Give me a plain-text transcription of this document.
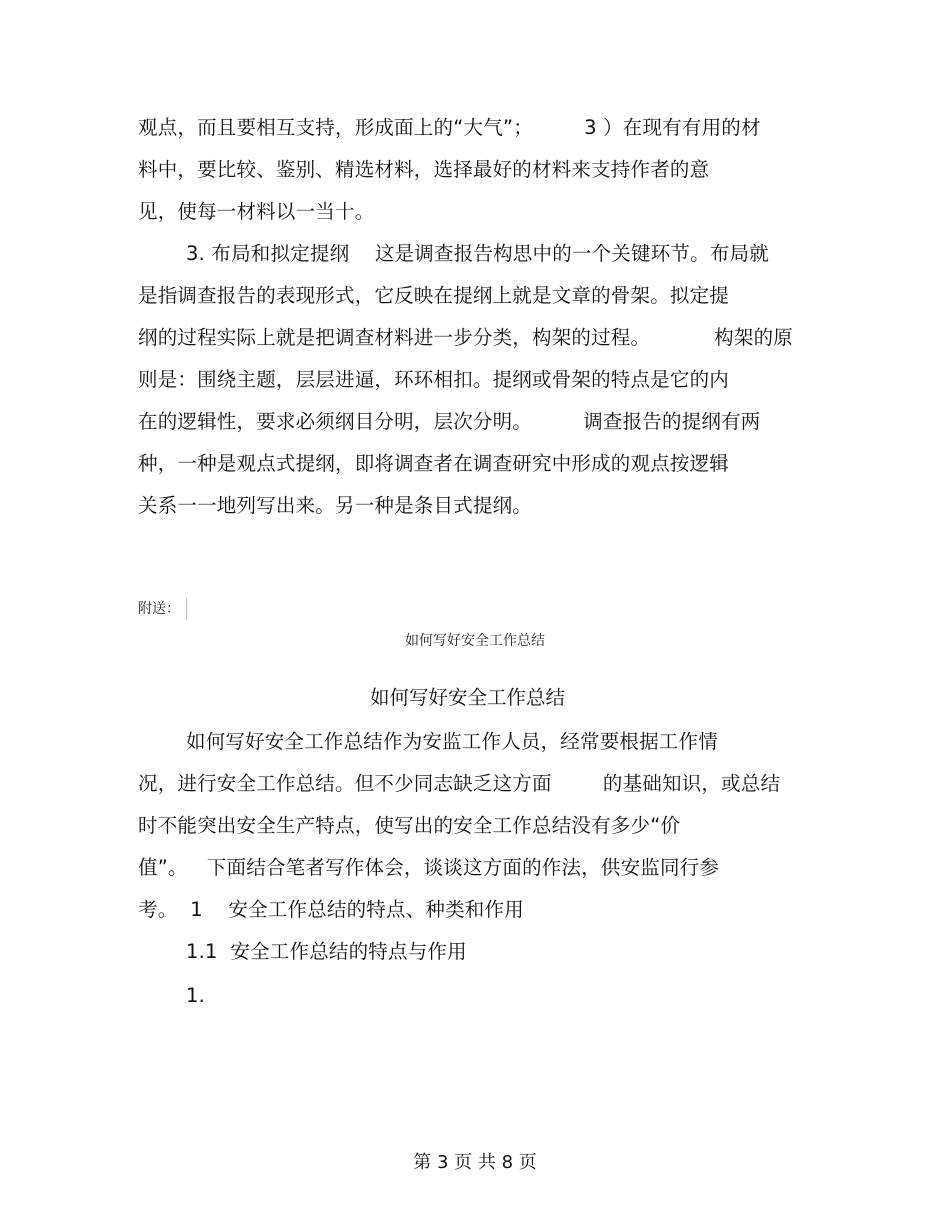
观点，而且要相互支持，形成面上的“大气”；        3 ）在现有有用的材
料中，要比较、鉴别、精选材料，选择最好的材料来支持作者的意
见，使每一材料以一当十。
3. 布局和拟定提纲    这是调查报告构思中的一个关键环节。布局就
是指调查报告的表现形式，它反映在提纲上就是文章的骨架。拟定提
纲的过程实际上就是把调查材料进一步分类，构架的过程。          构架的原
则是：围绕主题，层层进逼，环环相扣。提纲或骨架的特点是它的内
在的逻辑性，要求必须纲目分明，层次分明。        调查报告的提纲有两
种，一种是观点式提纲，即将调查者在调查研究中形成的观点按逻辑
关系一一地列写出来。另一种是条目式提纲。
附送：
如何写好安全工作总结
如何写好安全工作总结
如何写好安全工作总结作为安监工作人员，经常要根据工作情
况，进行安全工作总结。但不少同志缺乏这方面        的基础知识，或总结
时不能突出安全生产特点，使写出的安全工作总结没有多少“价
值”。   下面结合笔者写作体会，谈谈这方面的作法，供安监同行参
考。  1    安全工作总结的特点、种类和作用
1.1  安全工作总结的特点与作用
1.
第 3 页 共 8 页
